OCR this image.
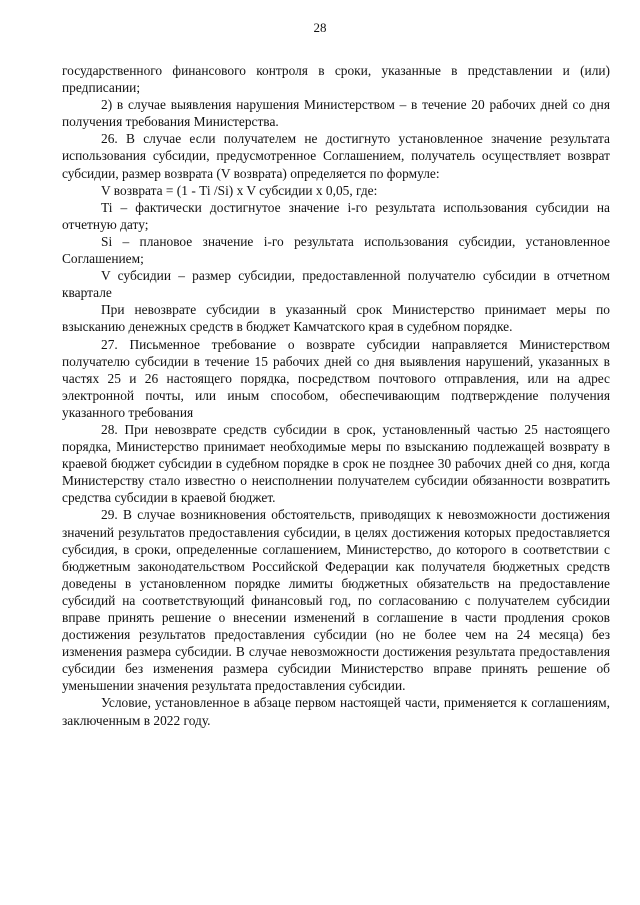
28

государственного финансового контроля в сроки, указанные в представлении и (или) предписании;

2) в случае выявления нарушения Министерством – в течение 20 рабочих дней со дня получения требования Министерства.

26. В случае если получателем не достигнуто установленное значение результата использования субсидии, предусмотренное Соглашением, получатель осуществляет возврат субсидии, размер возврата (V возврата) определяется по формуле:

V возврата = (1 - Ti /Si) x V субсидии x 0,05, где:

Ti – фактически достигнутое значение i-го результата использования субсидии на отчетную дату;

Si – плановое значение i-го результата использования субсидии, установленное Соглашением;

V субсидии – размер субсидии, предоставленной получателю субсидии в отчетном квартале

При невозврате субсидии в указанный срок Министерство принимает меры по взысканию денежных средств в бюджет Камчатского края в судебном порядке.

27. Письменное требование о возврате субсидии направляется Министерством получателю субсидии в течение 15 рабочих дней со дня выявления нарушений, указанных в частях 25 и 26 настоящего порядка, посредством почтового отправления, или на адрес электронной почты, или иным способом, обеспечивающим подтверждение получения указанного требования

28. При невозврате средств субсидии в срок, установленный частью 25 настоящего порядка, Министерство принимает необходимые меры по взысканию подлежащей возврату в краевой бюджет субсидии в судебном порядке в срок не позднее 30 рабочих дней со дня, когда Министерству стало известно о неисполнении получателем субсидии обязанности возвратить средства субсидии в краевой бюджет.

29. В случае возникновения обстоятельств, приводящих к невозможности достижения значений результатов предоставления субсидии, в целях достижения которых предоставляется субсидия, в сроки, определенные соглашением, Министерство, до которого в соответствии с бюджетным законодательством Российской Федерации как получателя бюджетных средств доведены в установленном порядке лимиты бюджетных обязательств на предоставление субсидий на соответствующий финансовый год, по согласованию с получателем субсидии вправе принять решение о внесении изменений в соглашение в части продления сроков достижения результатов предоставления субсидии (но не более чем на 24 месяца) без изменения размера субсидии. В случае невозможности достижения результата предоставления субсидии без изменения размера субсидии Министерство вправе принять решение об уменьшении значения результата предоставления субсидии.

Условие, установленное в абзаце первом настоящей части, применяется к соглашениям, заключенным в 2022 году.
